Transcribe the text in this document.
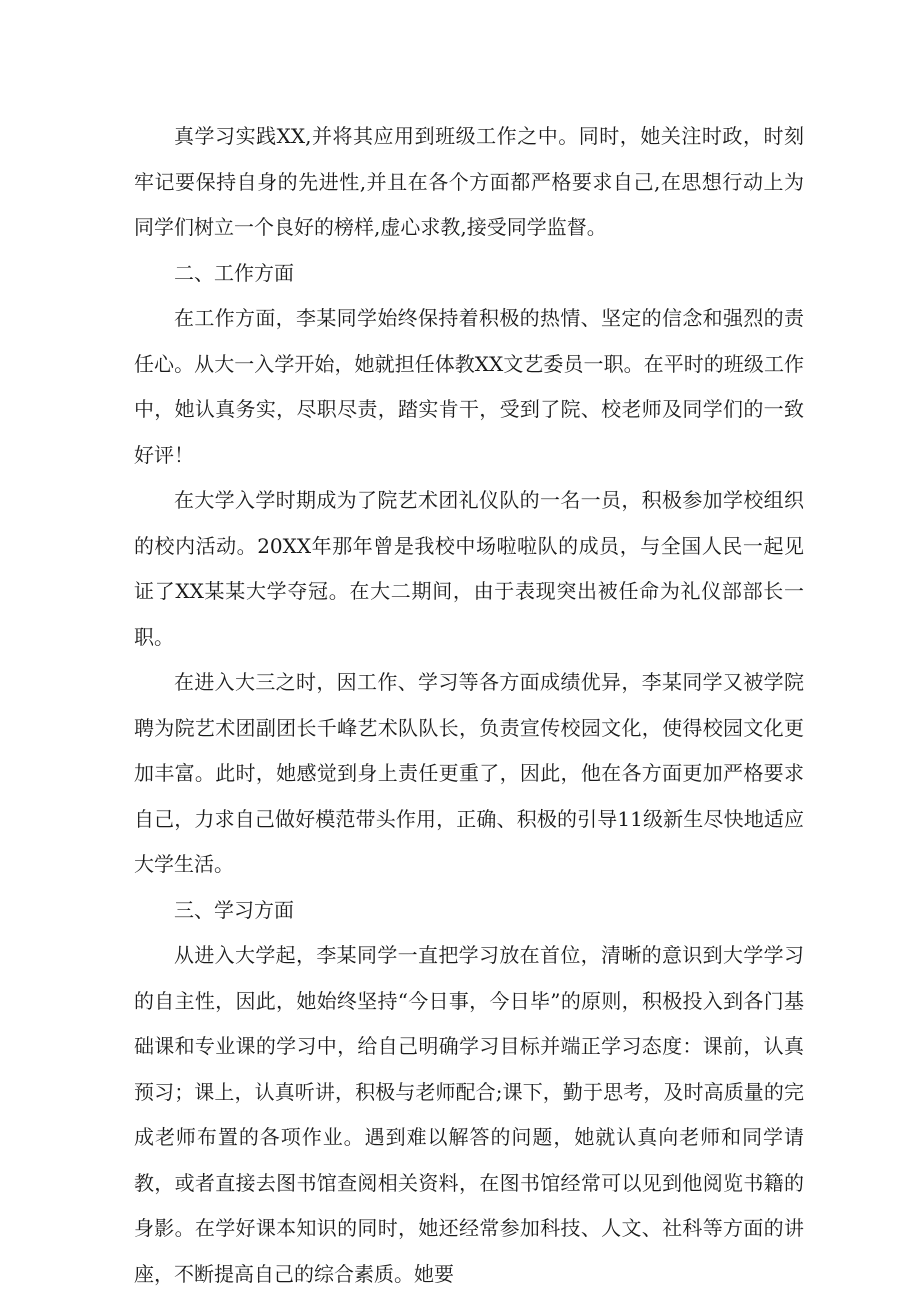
真学习实践XX,并将其应用到班级工作之中。同时，她关注时政，时刻牢记要保持自身的先进性,并且在各个方面都严格要求自己,在思想行动上为同学们树立一个良好的榜样,虚心求教,接受同学监督。

二、工作方面

在工作方面，李某同学始终保持着积极的热情、坚定的信念和强烈的责任心。从大一入学开始，她就担任体教XX文艺委员一职。在平时的班级工作中，她认真务实，尽职尽责，踏实肯干，受到了院、校老师及同学们的一致好评！

在大学入学时期成为了院艺术团礼仪队的一名一员，积极参加学校组织的校内活动。20XX年那年曾是我校中场啦啦队的成员，与全国人民一起见证了XX某某大学夺冠。在大二期间，由于表现突出被任命为礼仪部部长一职。

在进入大三之时，因工作、学习等各方面成绩优异，李某同学又被学院聘为院艺术团副团长千峰艺术队队长，负责宣传校园文化，使得校园文化更加丰富。此时，她感觉到身上责任更重了，因此，他在各方面更加严格要求自己，力求自己做好模范带头作用，正确、积极的引导11级新生尽快地适应大学生活。

三、学习方面

从进入大学起，李某同学一直把学习放在首位，清晰的意识到大学学习的自主性，因此，她始终坚持“今日事，今日毕”的原则，积极投入到各门基础课和专业课的学习中，给自己明确学习目标并端正学习态度：课前，认真预习；课上，认真听讲，积极与老师配合;课下，勤于思考，及时高质量的完成老师布置的各项作业。遇到难以解答的问题，她就认真向老师和同学请教，或者直接去图书馆查阅相关资料，在图书馆经常可以见到他阅览书籍的身影。在学好课本知识的同时，她还经常参加科技、人文、社科等方面的讲座，不断提高自己的综合素质。她要
